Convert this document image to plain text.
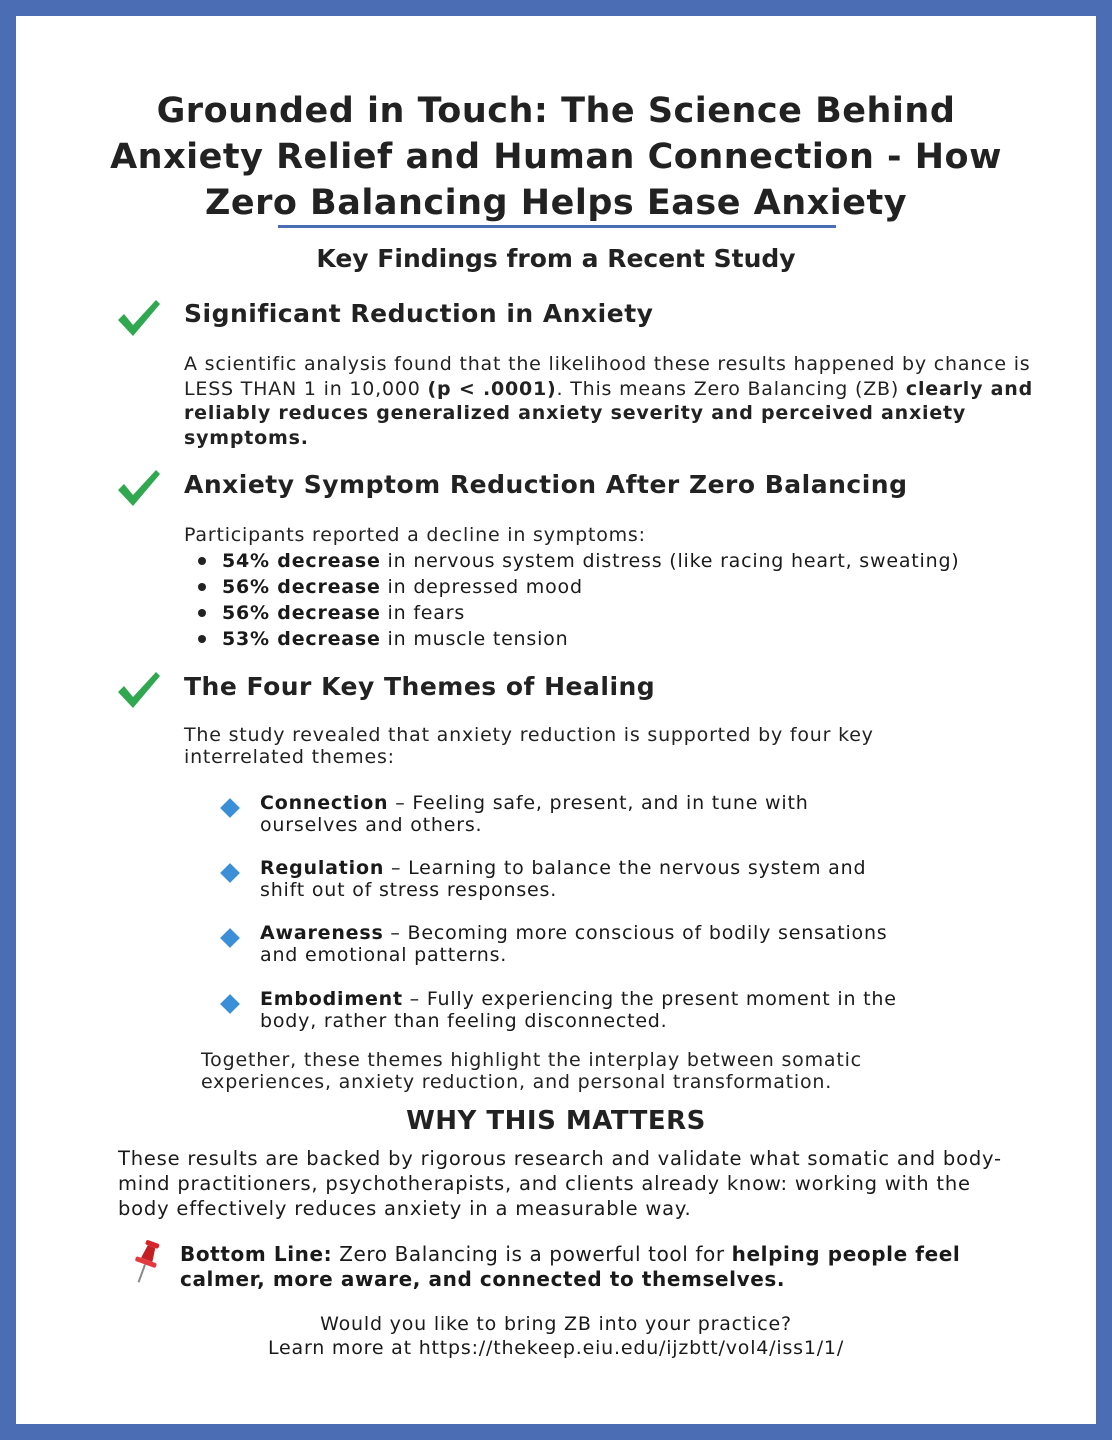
Grounded in Touch: The Science Behind
Anxiety Relief and Human Connection - How
Zero Balancing Helps Ease Anxiety
Key Findings from a Recent Study
Significant Reduction in Anxiety
A scientific analysis found that the likelihood these results happened by chance is LESS THAN 1 in 10,000 (p < .0001). This means Zero Balancing (ZB) clearly and reliably reduces generalized anxiety severity and perceived anxiety symptoms.
Anxiety Symptom Reduction After Zero Balancing
Participants reported a decline in symptoms:
54% decrease in nervous system distress (like racing heart, sweating)
56% decrease in depressed mood
56% decrease in fears
53% decrease in muscle tension
The Four Key Themes of Healing
The study revealed that anxiety reduction is supported by four key interrelated themes:
Connection – Feeling safe, present, and in tune with ourselves and others.
Regulation – Learning to balance the nervous system and shift out of stress responses.
Awareness – Becoming more conscious of bodily sensations and emotional patterns.
Embodiment – Fully experiencing the present moment in the body, rather than feeling disconnected.
Together, these themes highlight the interplay between somatic experiences, anxiety reduction, and personal transformation.
WHY THIS MATTERS
These results are backed by rigorous research and validate what somatic and body-mind practitioners, psychotherapists, and clients already know: working with the body effectively reduces anxiety in a measurable way.
Bottom Line: Zero Balancing is a powerful tool for helping people feel calmer, more aware, and connected to themselves.
Would you like to bring ZB into your practice?
Learn more at https://thekeep.eiu.edu/ijzbtt/vol4/iss1/1/
